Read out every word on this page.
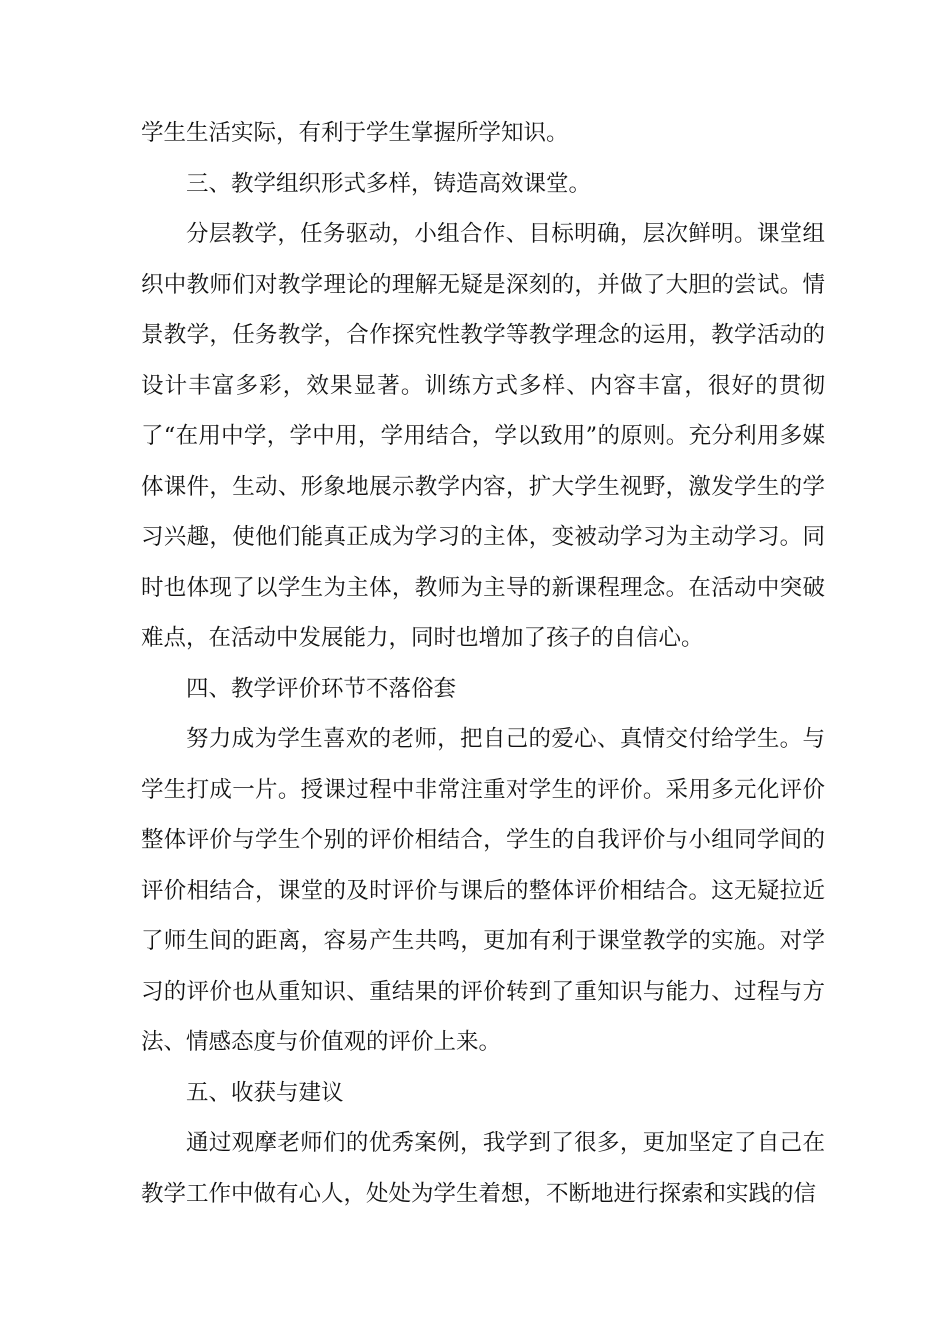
学生生活实际，有利于学生掌握所学知识。

三、教学组织形式多样，铸造高效课堂。

分层教学，任务驱动，小组合作、目标明确，层次鲜明。课堂组织中教师们对教学理论的理解无疑是深刻的，并做了大胆的尝试。情景教学，任务教学，合作探究性教学等教学理念的运用，教学活动的设计丰富多彩，效果显著。训练方式多样、内容丰富，很好的贯彻了“在用中学，学中用，学用结合，学以致用”的原则。充分利用多媒体课件，生动、形象地展示教学内容，扩大学生视野，激发学生的学习兴趣，使他们能真正成为学习的主体，变被动学习为主动学习。同时也体现了以学生为主体，教师为主导的新课程理念。在活动中突破难点，在活动中发展能力，同时也增加了孩子的自信心。

四、教学评价环节不落俗套

努力成为学生喜欢的老师，把自己的爱心、真情交付给学生。与学生打成一片。授课过程中非常注重对学生的评价。采用多元化评价整体评价与学生个别的评价相结合，学生的自我评价与小组同学间的评价相结合，课堂的及时评价与课后的整体评价相结合。这无疑拉近了师生间的距离，容易产生共鸣，更加有利于课堂教学的实施。对学习的评价也从重知识、重结果的评价转到了重知识与能力、过程与方法、情感态度与价值观的评价上来。

五、收获与建议

通过观摩老师们的优秀案例，我学到了很多，更加坚定了自己在教学工作中做有心人，处处为学生着想，不断地进行探索和实践的信
